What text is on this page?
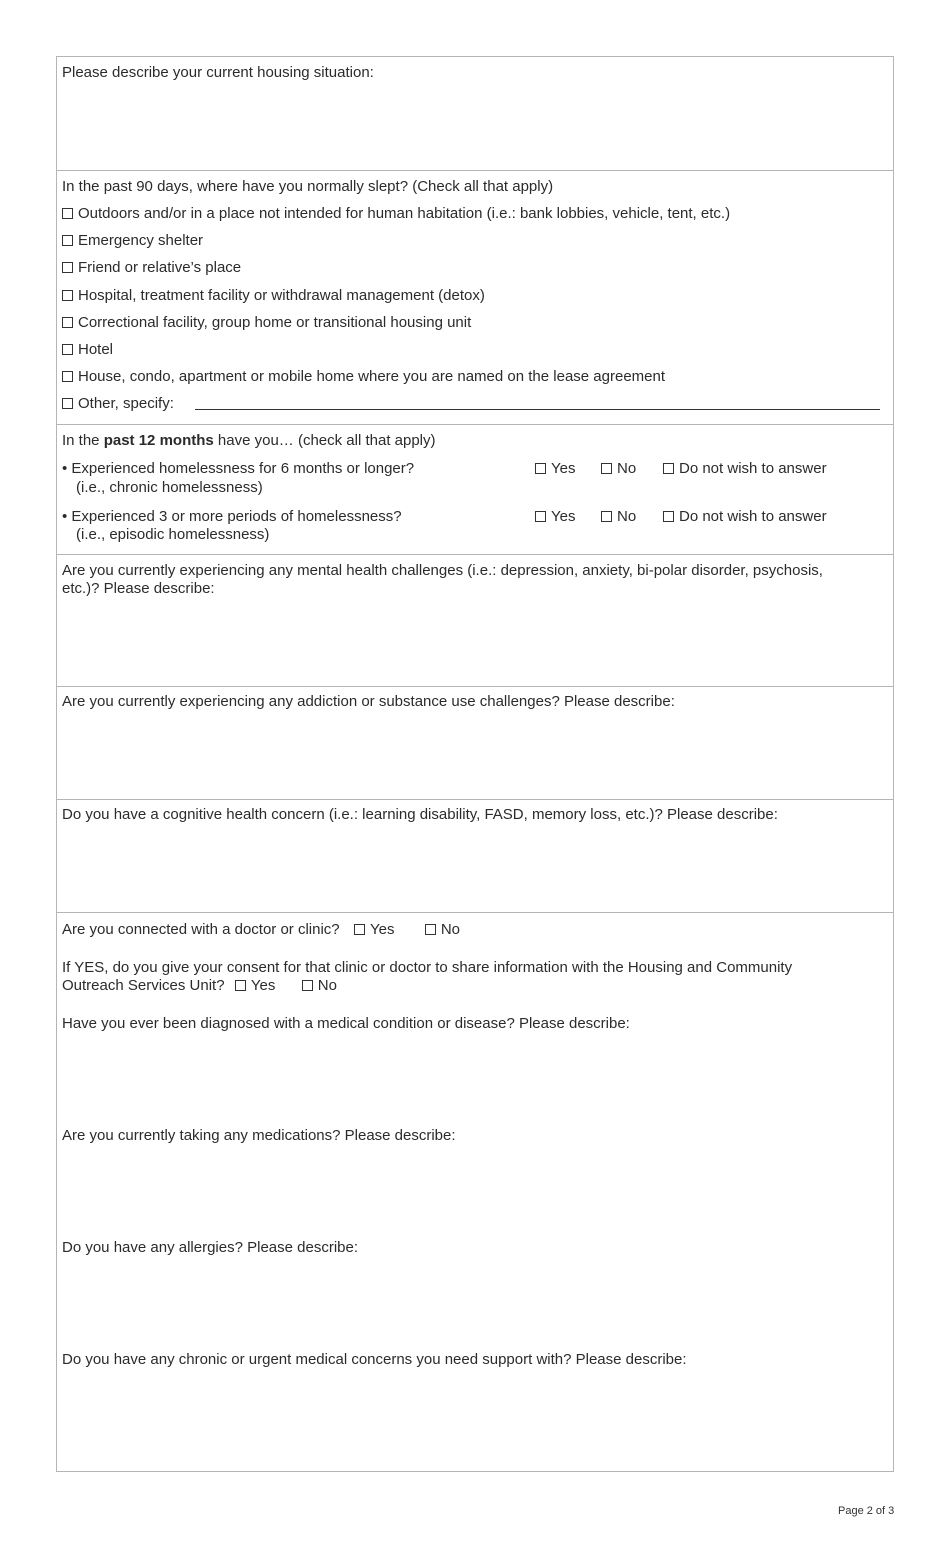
Please describe your current housing situation:
In the past 90 days, where have you normally slept? (Check all that apply)
Outdoors and/or in a place not intended for human habitation (i.e.: bank lobbies, vehicle, tent, etc.)
Emergency shelter
Friend or relative’s place
Hospital, treatment facility or withdrawal management (detox)
Correctional facility, group home or transitional housing unit
Hotel
House, condo, apartment or mobile home where you are named on the lease agreement
Other, specify:
In the past 12 months have you… (check all that apply)
• Experienced homelessness for 6 months or longer?
(i.e., chronic homelessness)
Yes	No	Do not wish to answer
• Experienced 3 or more periods of homelessness?
(i.e., episodic homelessness)
Yes	No	Do not wish to answer
Are you currently experiencing any mental health challenges (i.e.: depression, anxiety, bi-polar disorder, psychosis, etc.)? Please describe:
Are you currently experiencing any addiction or substance use challenges? Please describe:
Do you have a cognitive health concern (i.e.: learning disability, FASD, memory loss, etc.)? Please describe:
Are you connected with a doctor or clinic? Yes	No
If YES, do you give your consent for that clinic or doctor to share information with the Housing and Community Outreach Services Unit? Yes	No
Have you ever been diagnosed with a medical condition or disease? Please describe:
Are you currently taking any medications? Please describe:
Do you have any allergies? Please describe:
Do you have any chronic or urgent medical concerns you need support with? Please describe:
Page 2 of 3
